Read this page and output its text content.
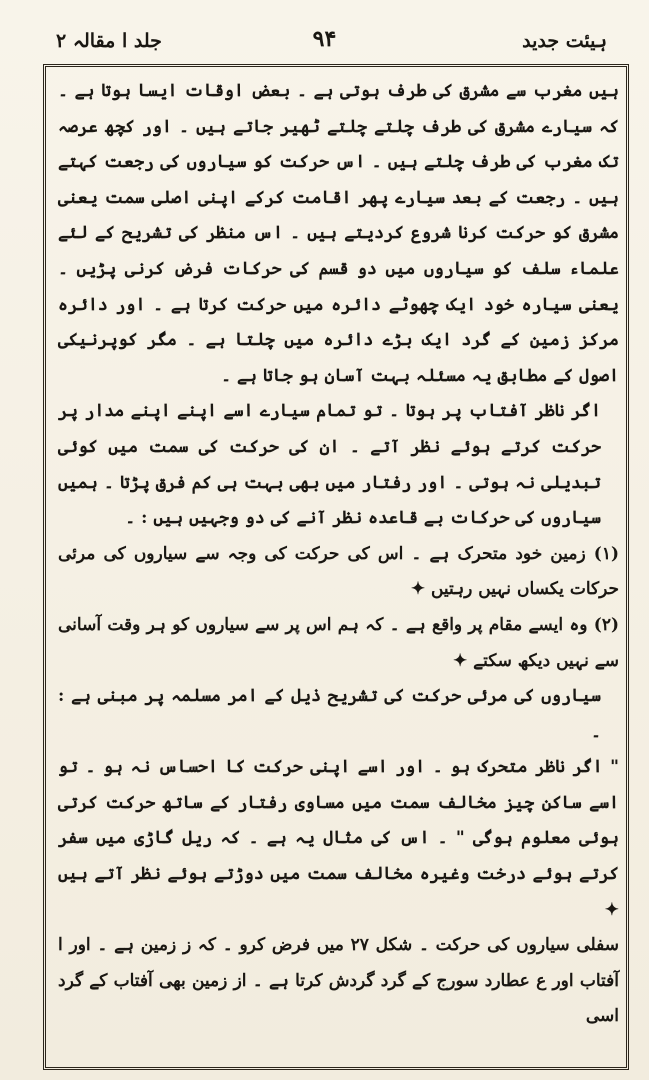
ہیئت جدید
۹۴
جلد ا مقالہ ۲

ہیں مغرب سے مشرق کی طرف ہوتی ہے ۔ بعض اوقات ایسا ہوتا ہے ۔ کہ سیارے مشرق کی طرف چلتے چلتے ٹھیر جاتے ہیں ۔ اور کچھ عرصہ تک مغرب کی طرف چلتے ہیں ۔ اس حرکت کو سیاروں کی رجعت کہتے ہیں ۔ رجعت کے بعد سیارے پھر اقامت کرکے اپنی اصلی سمت یعنی مشرق کو حرکت کرنا شروع کردیتے ہیں ۔ اس منظر کی تشریح کے لئے علماء سلف کو سیاروں میں دو قسم کی حرکات فرض کرنی پڑیں ۔ یعنی سیارہ خود ایک چھوٹے دائرہ میں حرکت کرتا ہے ۔ اور دائرہ مرکز زمین کے گرد ایک بڑے دائرہ میں چلتا ہے ۔ مگر کوپرنیکی اصول کے مطابق یہ مسئلہ بہت آسان ہو جاتا ہے ۔

اگر ناظر آفتاب پر ہوتا ۔ تو تمام سیارے اسے اپنے اپنے مدار پر حرکت کرتے ہوئے نظر آتے ۔ ان کی حرکت کی سمت میں کوئی تبدیلی نہ ہوتی ۔ اور رفتار میں بھی بہت ہی کم فرق پڑتا ۔ ہمیں سیاروں کی حرکات بے قاعدہ نظر آنے کی دو وجہیں ہیں : ۔

(۱) زمین خود متحرک ہے ۔ اس کی حرکت کی وجہ سے سیاروں کی مرئی حرکات یکساں نہیں رہتیں ✦

(۲) وہ ایسے مقام پر واقع ہے ۔ کہ ہم اس پر سے سیاروں کو ہر وقت آسانی سے نہیں دیکھ سکتے ✦

سیاروں کی مرئی حرکت کی تشریح ذیل کے امر مسلمہ پر مبنی ہے : ۔

" اگر ناظر متحرک ہو ۔ اور اسے اپنی حرکت کا احساس نہ ہو ۔ تو اسے ساکن چیز مخالف سمت میں مساوی رفتار کے ساتھ حرکت کرتی ہوئی معلوم ہوگی " ۔ اس کی مثال یہ ہے ۔ کہ ریل گاڑی میں سفر کرتے ہوئے درخت وغیرہ مخالف سمت میں دوڑتے ہوئے نظر آتے ہیں ✦

سفلی سیاروں کی حرکت ۔ شکل ۲۷ میں فرض کرو ۔ کہ ز زمین ہے ۔ اور ا آفتاب اور ع عطارد سورج کے گرد گردش کرتا ہے ۔ از زمین بھی آفتاب کے گرد اسی
